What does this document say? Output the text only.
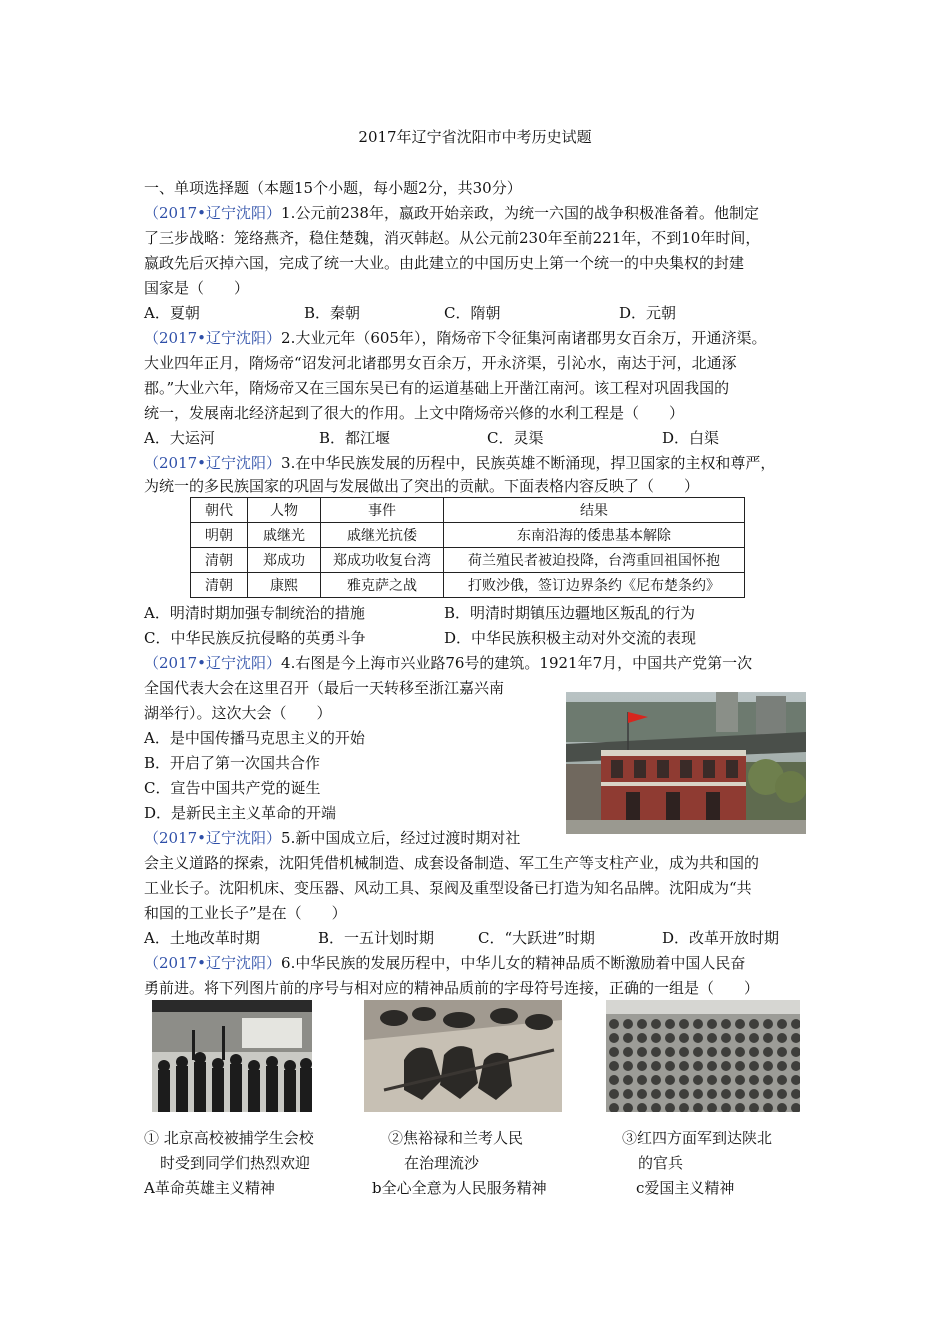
2017年辽宁省沈阳市中考历史试题
一、单项选择题（本题15个小题，每小题2分，共30分）
（2017•辽宁沈阳）1.公元前238年，嬴政开始亲政，为统一六国的战争积极准备着。他制定
了三步战略：笼络燕齐，稳住楚魏，消灭韩赵。从公元前230年至前221年，不到10年时间，
嬴政先后灭掉六国，完成了统一大业。由此建立的中国历史上第一个统一的中央集权的封建
国家是（　　）
A．夏朝	B．秦朝	C．隋朝	D．元朝
（2017•辽宁沈阳）2.大业元年（605年），隋炀帝下令征集河南诸郡男女百余万，开通济渠。
大业四年正月，隋炀帝“诏发河北诸郡男女百余万，开永济渠，引沁水，南达于河，北通涿
郡。”大业六年，隋炀帝又在三国东吴已有的运道基础上开凿江南河。该工程对巩固我国的
统一，发展南北经济起到了很大的作用。上文中隋炀帝兴修的水利工程是（　　）
A．大运河	B．都江堰	C．灵渠	D．白渠
（2017•辽宁沈阳）3.在中华民族发展的历程中，民族英雄不断涌现，捍卫国家的主权和尊严，
为统一的多民族国家的巩固与发展做出了突出的贡献。下面表格内容反映了（　　）
朝代	人物	事件	结果
明朝	戚继光	戚继光抗倭	东南沿海的倭患基本解除
清朝	郑成功	郑成功收复台湾	荷兰殖民者被迫投降，台湾重回祖国怀抱
清朝	康熙	雅克萨之战	打败沙俄，签订边界条约《尼布楚条约》
A．明清时期加强专制统治的措施	B．明清时期镇压边疆地区叛乱的行为
C．中华民族反抗侵略的英勇斗争	D．中华民族积极主动对外交流的表现
（2017•辽宁沈阳）4.右图是今上海市兴业路76号的建筑。1921年7月，中国共产党第一次
全国代表大会在这里召开（最后一天转移至浙江嘉兴南
湖举行）。这次大会（　　）
A．是中国传播马克思主义的开始
B．开启了第一次国共合作
C．宣告中国共产党的诞生
D．是新民主主义革命的开端
（2017•辽宁沈阳）5.新中国成立后，经过过渡时期对社
会主义道路的探索，沈阳凭借机械制造、成套设备制造、军工生产等支柱产业，成为共和国的
工业长子。沈阳机床、变压器、风动工具、泵阀及重型设备已打造为知名品牌。沈阳成为“共
和国的工业长子”是在（　　）
A．土地改革时期	B．一五计划时期	C．“大跃进”时期	D．改革开放时期
（2017•辽宁沈阳）6.中华民族的发展历程中，中华儿女的精神品质不断激励着中国人民奋
勇前进。将下列图片前的序号与相对应的精神品质前的字母符号连接，正确的一组是（　　）
① 北京高校被捕学生会校
时受到同学们热烈欢迎
②焦裕禄和兰考人民
在治理流沙
③红四方面军到达陕北
的官兵
A革命英雄主义精神	b全心全意为人民服务精神	c爱国主义精神
